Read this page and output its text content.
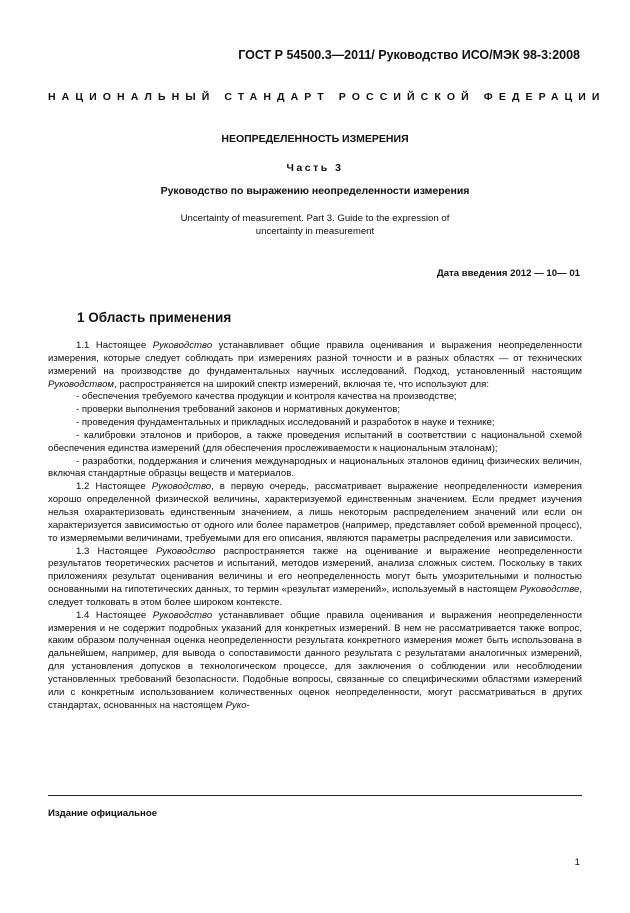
ГОСТ Р 54500.3—2011/ Руководство ИСО/МЭК 98-3:2008
НАЦИОНАЛЬНЫЙ СТАНДАРТ РОССИЙСКОЙ ФЕДЕРАЦИИ
НЕОПРЕДЕЛЕННОСТЬ ИЗМЕРЕНИЯ
Часть 3
Руководство по выражению неопределенности измерения
Uncertainty of measurement. Part 3. Guide to the expression of
uncertainty in measurement
Дата введения 2012 — 10— 01
1 Область применения

1.1 Настоящее Руководство устанавливает общие правила оценивания и выражения неопределенности измерения, которые следует соблюдать при измерениях разной точности и в разных областях — от технических измерений на производстве до фундаментальных научных исследований. Подход, установленный настоящим Руководством, распространяется на широкий спектр измерений, включая те, что используют для:

- обеспечения требуемого качества продукции и контроля качества на производстве;

- проверки выполнения требований законов и нормативных документов;

- проведения фундаментальных и прикладных исследований и разработок в науке и технике;

- калибровки эталонов и приборов, а также проведения испытаний в соответствии с национальной схемой обеспечения единства измерений (для обеспечения прослеживаемости к национальным эталонам);

- разработки, поддержания и сличения международных и национальных эталонов единиц физических величин, включая стандартные образцы веществ и материалов.

1.2 Настоящее Руководство, в первую очередь, рассматривает выражение неопределенности измерения хорошо определенной физической величины, характеризуемой единственным значением. Если предмет изучения нельзя охарактеризовать единственным значением, а лишь некоторым распределением значений или если он характеризуется зависимостью от одного или более параметров (например, представляет собой временной процесс), то измеряемыми величинами, требуемыми для его описания, являются параметры распределения или зависимости.

1.3 Настоящее Руководство распространяется также на оценивание и выражение неопределенности результатов теоретических расчетов и испытаний, методов измерений, анализа сложных систем. Поскольку в таких приложениях результат оценивания величины и его неопределенность могут быть умозрительными и полностью основанными на гипотетических данных, то термин «результат измерений», используемый в настоящем Руководстве, следует толковать в этом более широком контексте.

1.4 Настоящее Руководство устанавливает общие правила оценивания и выражения неопределенности измерения и не содержит подробных указаний для конкретных измерений. В нем не рассматривается также вопрос, каким образом полученная оценка неопределенности результата конкретного измерения может быть использована в дальнейшем, например, для вывода о сопоставимости данного результата с результатами аналогичных измерений, для установления допусков в технологическом процессе, для заключения о соблюдении или несоблюдении установленных требований безопасности. Подобные вопросы, связанные со специфическими областями измерений или с конкретным использованием количественных оценок неопределенности, могут рассматриваться в других стандартах, основанных на настоящем Руко-

Издание официальное
1
